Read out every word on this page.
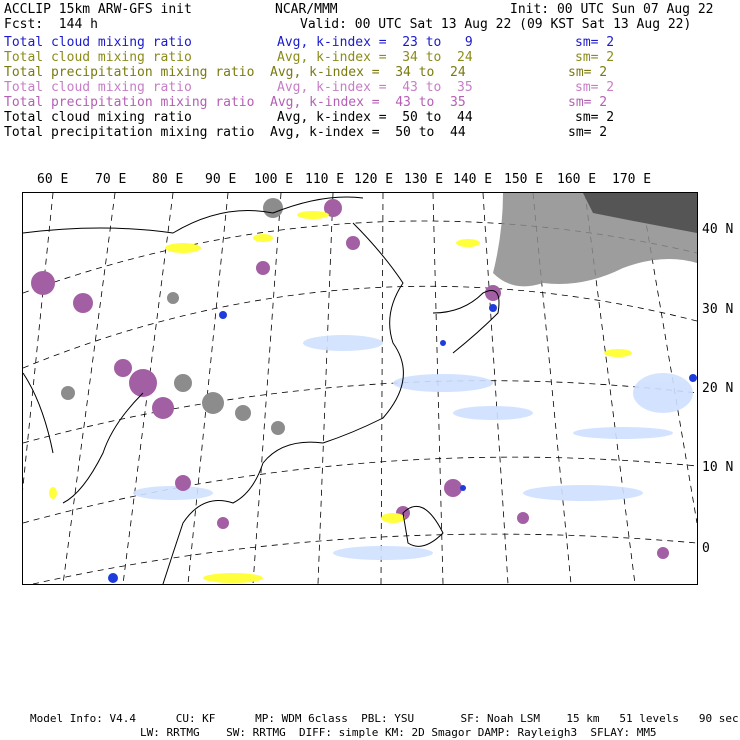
ACCLIP 15km ARW-GFS init	NCAR/MMM	Init: 00 UTC Sun 07 Aug 22
Fcst:  144 h	Valid: 00 UTC Sat 13 Aug 22 (09 KST Sat 13 Aug 22)
Total cloud mixing ratio	Avg, k-index =  23 to   9	sm= 2
Total cloud mixing ratio	Avg, k-index =  34 to  24	sm= 2
Total precipitation mixing ratio Avg, k-index =  34 to  24	sm= 2
Total cloud mixing ratio	Avg, k-index =  43 to  35	sm= 2
Total precipitation mixing ratio Avg, k-index =  43 to  35	sm= 2
Total cloud mixing ratio	Avg, k-index =  50 to  44	sm= 2
Total precipitation mixing ratio Avg, k-index =  50 to  44	sm= 2
60 E 70 E 80 E 90 E 100 E 110 E 120 E 130 E 140 E 150 E 160 E 170 E
40 N
30 N
20 N
10 N
0
Model Info: V4.4      CU: KF      MP: WDM 6class  PBL: YSU       SF: Noah LSM    15 km   51 levels   90 sec
LW: RRTMG    SW: RRTMG  DIFF: simple KM: 2D Smagor DAMP: Rayleigh3  SFLAY: MM5
